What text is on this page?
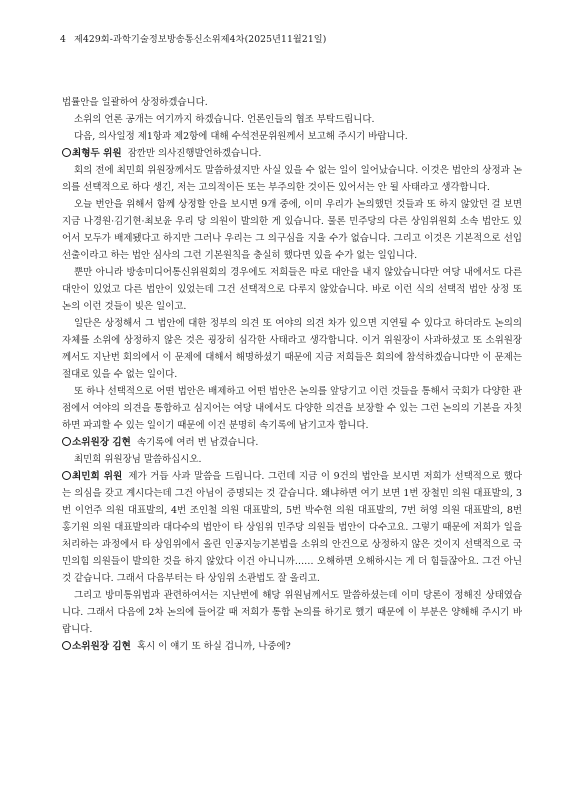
4 제429회-과학기술정보방송통신소위제4차(2025년11월21일)

법률안을 일괄하여 상정하겠습니다.

소위의 언론 공개는 여기까지 하겠습니다. 언론인들의 협조 부탁드립니다.

다음, 의사일정 제1항과 제2항에 대해 수석전문위원께서 보고해 주시기 바랍니다.

최형두 위원 잠깐만 의사진행발언하겠습니다.

회의 전에 최민희 위원장께서도 말씀하셨지만 사실 있을 수 없는 일이 일어났습니다. 이것은 법안의 상정과 논의를 선택적으로 하다 생긴, 저는 고의적이든 또는 부주의한 것이든 있어서는 안 될 사태라고 생각합니다.

오늘 번안을 위해서 함께 상정할 안을 보시면 9개 중에, 이미 우리가 논의했던 것들과 또 하지 않았던 걸 보면 지금 나경원·김기현·최보윤 우리 당 의원이 발의한 게 있습니다. 물론 민주당의 다른 상임위원회 소속 법안도 있어서 모두가 배제됐다고 하지만 그러나 우리는 그 의구심을 지울 수가 없습니다. 그리고 이것은 기본적으로 선입선출이라고 하는 법안 심사의 그런 기본원칙을 충실히 했다면 있을 수가 없는 일입니다.

뿐만 아니라 방송미디어통신위원회의 경우에도 저희들은 따로 대안을 내지 않았습니다만 여당 내에서도 다른 대안이 있었고 다른 법안이 있었는데 그건 선택적으로 다루지 않았습니다. 바로 이런 식의 선택적 법안 상정 또 논의 이런 것들이 빚은 일이고.

일단은 상정해서 그 법안에 대한 정부의 의견 또 여야의 의견 차가 있으면 지연될 수 있다고 하더라도 논의의 자체를 소위에 상정하지 않은 것은 굉장히 심각한 사태라고 생각합니다. 이거 위원장이 사과하셨고 또 소위원장께서도 지난번 회의에서 이 문제에 대해서 해명하셨기 때문에 지금 저희들은 회의에 참석하겠습니다만 이 문제는 절대로 있을 수 없는 일이다.

또 하나 선택적으로 어떤 법안은 배제하고 어떤 법안은 논의를 앞당기고 이런 것들을 통해서 국회가 다양한 관점에서 여야의 의견을 통합하고 심지어는 여당 내에서도 다양한 의견을 보장할 수 있는 그런 논의의 기본을 자칫하면 파괴할 수 있는 일이기 때문에 이건 분명히 속기록에 남기고자 합니다.

소위원장 김현 속기록에 여러 번 남겼습니다.

최민희 위원장님 말씀하십시오.

최민희 위원 제가 거듭 사과 말씀을 드립니다. 그런데 지금 이 9건의 법안을 보시면 저희가 선택적으로 했다는 의심을 갖고 계시다는데 그건 아님이 증명되는 것 같습니다. 왜냐하면 여기 보면 1번 장철민 의원 대표발의, 3번 이언주 의원 대표발의, 4번 조인철 의원 대표발의, 5번 박수현 의원 대표발의, 7번 허영 의원 대표발의, 8번 홍기원 의원 대표발의라 대다수의 법안이 타 상임위 민주당 의원들 법안이 다수고요. 그렇기 때문에 저희가 일을 처리하는 과정에서 타 상임위에서 올린 인공지능기본법을 소위의 안건으로 상정하지 않은 것이지 선택적으로 국민의힘 의원들이 발의한 것을 하지 않았다 이건 아니니까…… 오해하면 오해하시는 게 더 힘들잖아요. 그건 아닌 것 같습니다. 그래서 다음부터는 타 상임위 소관법도 잘 올리고.

그리고 방미통위법과 관련하여서는 지난번에 해당 위원님께서도 말씀하셨는데 이미 당론이 정해진 상태였습니다. 그래서 다음에 2차 논의에 들어갈 때 저희가 통합 논의를 하기로 했기 때문에 이 부분은 양해해 주시기 바랍니다.

소위원장 김현 혹시 이 얘기 또 하실 겁니까, 나중에?
